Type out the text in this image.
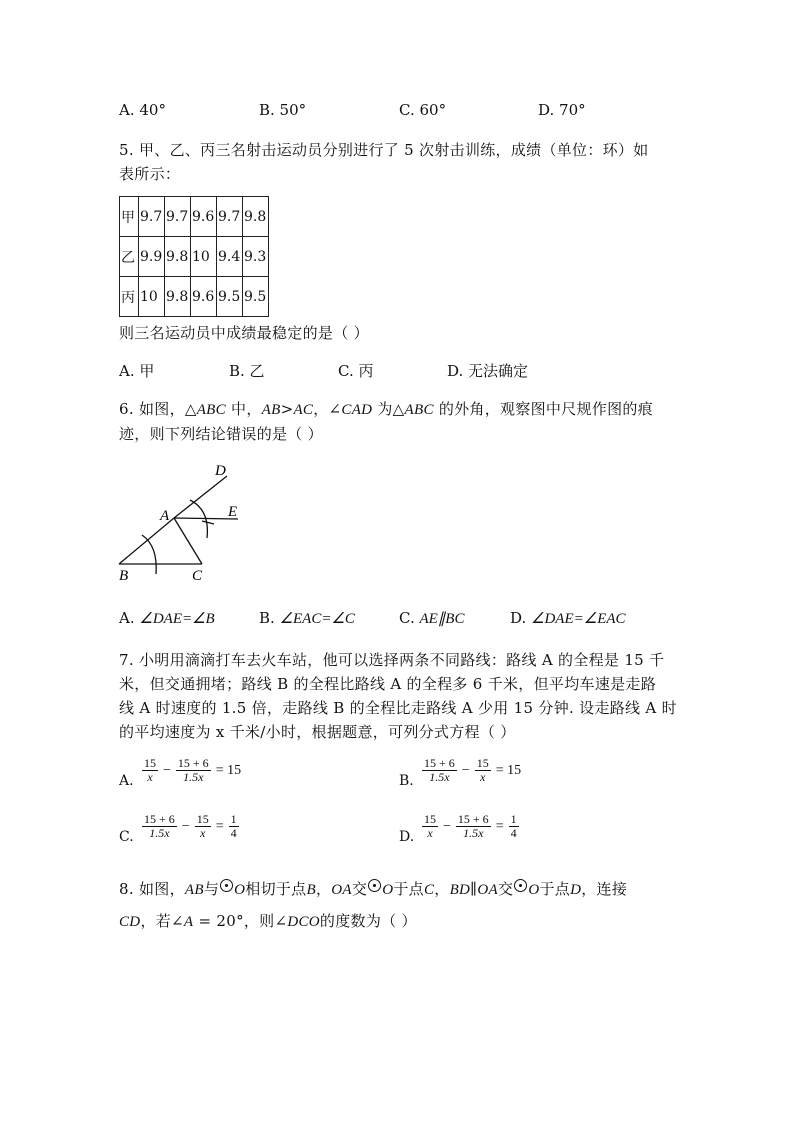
A. 40°	B. 50°	C. 60°	D. 70°
5. 甲、乙、丙三名射击运动员分别进行了 5 次射击训练，成绩（单位：环）如
表所示：
甲	9.7	9.7	9.6	9.7	9.8
乙	9.9	9.8	10	9.4	9.3
丙	10	9.8	9.6	9.5	9.5
则三名运动员中成绩最稳定的是（ ）
A. 甲	B. 乙	C. 丙	D. 无法确定
6. 如图，△ABC 中，AB>AC，∠CAD 为△ABC 的外角，观察图中尺规作图的痕
迹，则下列结论错误的是（ ）
D
A	E
B	C
A. ∠DAE=∠B	B. ∠EAC=∠C	C. AE∥BC	D. ∠DAE=∠EAC
7. 小明用滴滴打车去火车站，他可以选择两条不同路线：路线 A 的全程是 15 千
米，但交通拥堵；路线 B 的全程比路线 A 的全程多 6 千米，但平均车速是走路
线 A 时速度的 1.5 倍，走路线 B 的全程比走路线 A 少用 15 分钟. 设走路线 A 时
的平均速度为 x 千米/小时，根据题意，可列分式方程（ ）
A. $\frac{15}{x} - \frac{15 + 6}{1.5x} = 15$
B. $\frac{15 + 6}{1.5x} - \frac{15}{x} = 15$
C. $\frac{15 + 6}{1.5x} - \frac{15}{x} = \frac{1}{4}$	D. $\frac{15}{x} - \frac{15 + 6}{1.5x} = \frac{1}{4}$
8. 如图，AB与 O相切于点B，OA交 O于点C，BD∥OA交 O于点D，连接
CD，若∠A = 20°，则∠DCO的度数为（ ）
